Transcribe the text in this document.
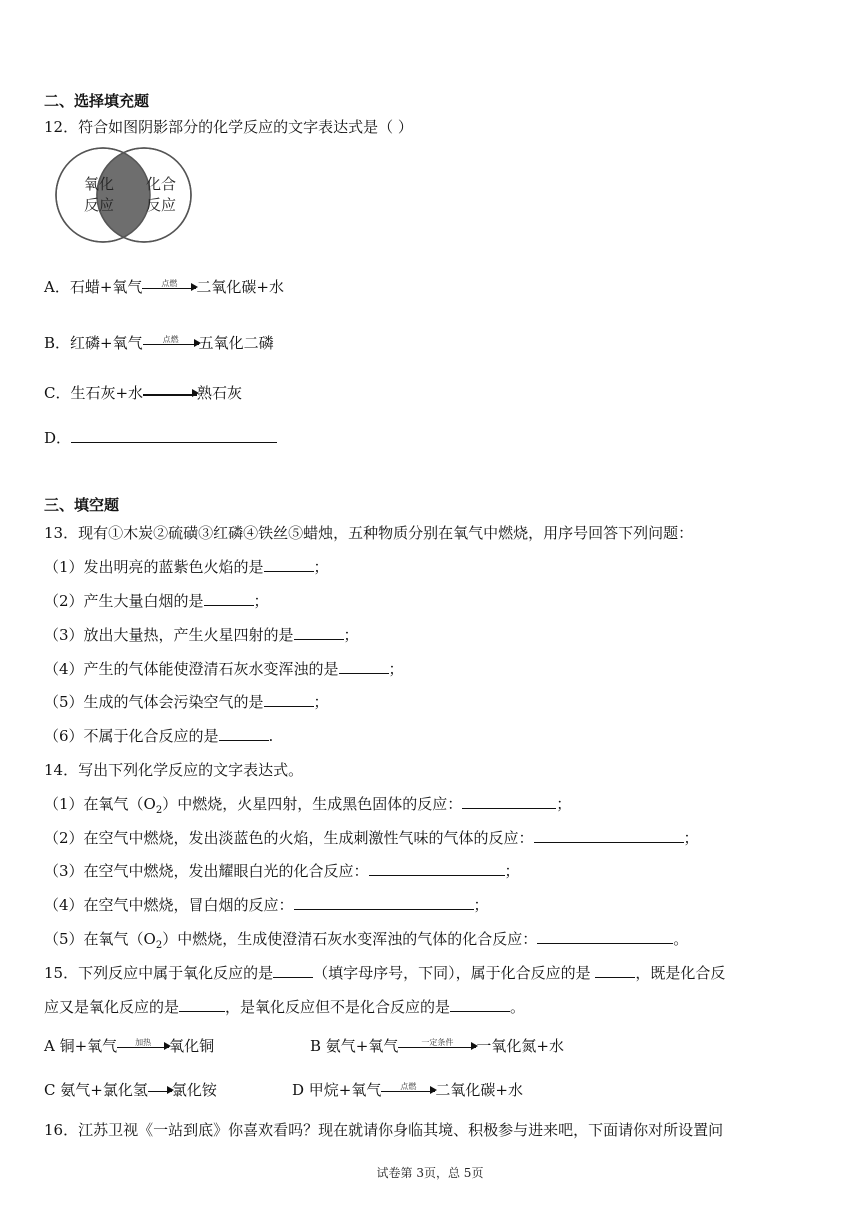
二、选择填充题
12．符合如图阴影部分的化学反应的文字表达式是（ ）
氧化
反应
化合
反应
A．石蜡+氧气	点燃	二氧化碳+水
B．红磷+氧气	点燃	五氧化二磷
C．生石灰+水	熟石灰
D．
三、填空题
13．现有①木炭②硫磺③红磷④铁丝⑤蜡烛，五种物质分别在氧气中燃烧，用序号回答下列问题：
（1）发出明亮的蓝紫色火焰的是	；
（2）产生大量白烟的是	；
（3）放出大量热，产生火星四射的是	；
（4）产生的气体能使澄清石灰水变浑浊的是	；
（5）生成的气体会污染空气的是	；
（6）不属于化合反应的是	.
14．写出下列化学反应的文字表达式。
（1）在氧气$(O_2)$中燃烧，火星四射，生成黑色固体的反应：	；
（2）在空气中燃烧，发出淡蓝色的火焰，生成刺激性气味的气体的反应：	；
（3）在空气中燃烧，发出耀眼白光的化合反应：	；
（4）在空气中燃烧，冒白烟的反应：	；
（5）在氧气$(O_2)$中燃烧，生成使澄清石灰水变浑浊的气体的化合反应：	。
15．下列反应中属于氧化反应的是	（填字母序号，下同），属于化合反应的是	，既是化合反
应又是氧化反应的是	，是氧化反应但不是化合反应的是	。
A 铜+氧气	加热	氧化铜	B 氨气+氧气	一定条件	一氧化氮+水
C 氨气+氯化氢 氯化铵	D 甲烷+氧气	点燃	二氧化碳+水
16．江苏卫视《一站到底》你喜欢看吗？现在就请你身临其境、积极参与进来吧，下面请你对所设置问
试卷第 3页，总 5页
